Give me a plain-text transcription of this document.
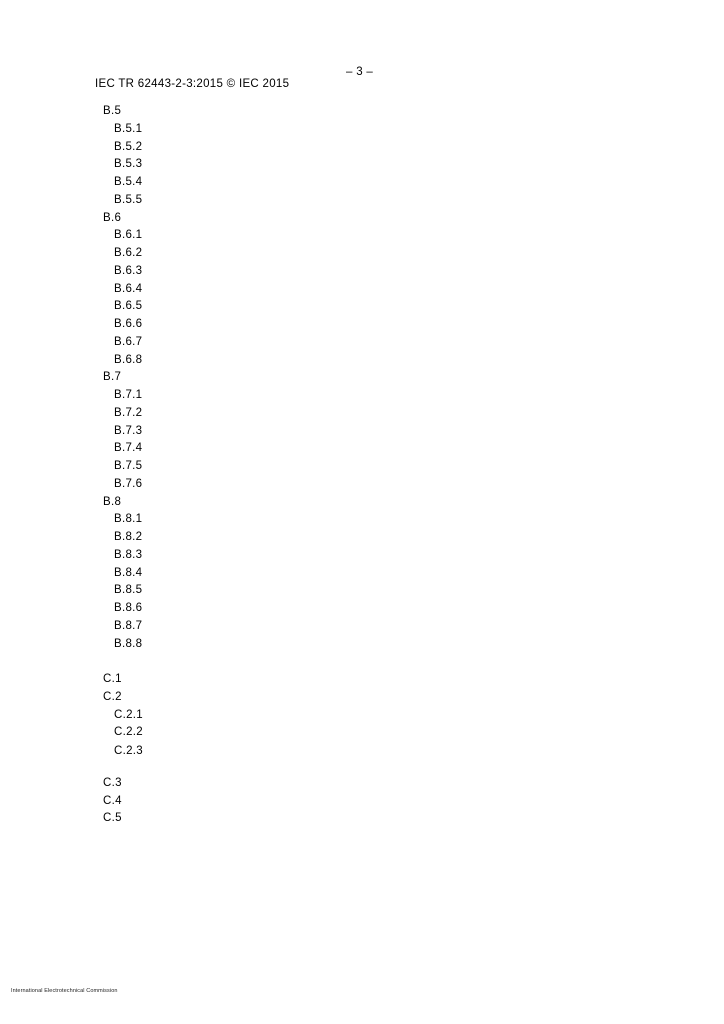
IEC TR 62443-2-3:2015 © IEC 2015

– 3 –

B.5
B.5.1
B.5.2
B.5.3
B.5.4
B.5.5
B.6
B.6.1
B.6.2
B.6.3
B.6.4
B.6.5
B.6.6
B.6.7
B.6.8
B.7
B.7.1
B.7.2
B.7.3
B.7.4
B.7.5
B.7.6
B.8
B.8.1
B.8.2
B.8.3
B.8.4
B.8.5
B.8.6
B.8.7
B.8.8
C.1
C.2
C.2.1
C.2.2
C.2.3
C.3
C.4
C.5
International Electrotechnical Commission
